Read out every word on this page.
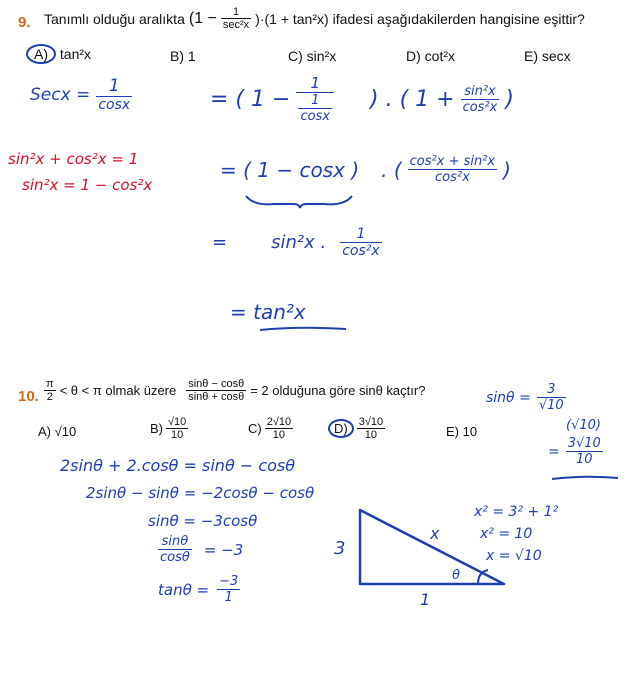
9. Tanımlı olduğu aralıkta $(1 - \frac{1}{\text{sec²x}} )\cdot(1 + \tan^2x)$ ifadesi aşağıdakilerden hangisine eşittir?
A) tan²x	B) 1	C) sin²x	D) cot²x	E) secx
Secx = $\frac{1}{\cos x}$	= ( 1 − 1
1
cosx ) . ( $1 + \frac{\text{sin²x}}{\text{cos²x}}$ )
sin²x + cos²x = 1
sin²x = 1 − cos²x
= ( 1 − cosx ) . ( $\frac{\text{cos²x + sin²x}}{\text{cos²x}}$ )
= sin²x . $\frac{1}{\text{cos²x}}$
= tan²x
10. $\frac{\pi}{2} < \theta < \pi$ olmak üzere $\frac{\sin\theta - \cos\theta}{\sin\theta + \cos\theta} = 2$ olduğuna göre sinθ kaçtır?
A) √10	$B) \frac{√10}{10}$	$C) \frac{2√10}{10}$	$D) \frac{3√10}{10}$	E) 10
$\sin\theta = \frac{3}{√10}$
(√10)
= $\frac{3√10}{10}$
2sinθ + 2.cosθ = sinθ − cosθ
2sinθ − sinθ = −2cosθ − cosθ
sinθ = −3cosθ
$\frac{\sin\theta}{\cos\theta} = -3$
$\tan\theta = \frac{-3}{1}$
x² = 3² + 1²
x² = 10
x = √10
3
1
x
θ
